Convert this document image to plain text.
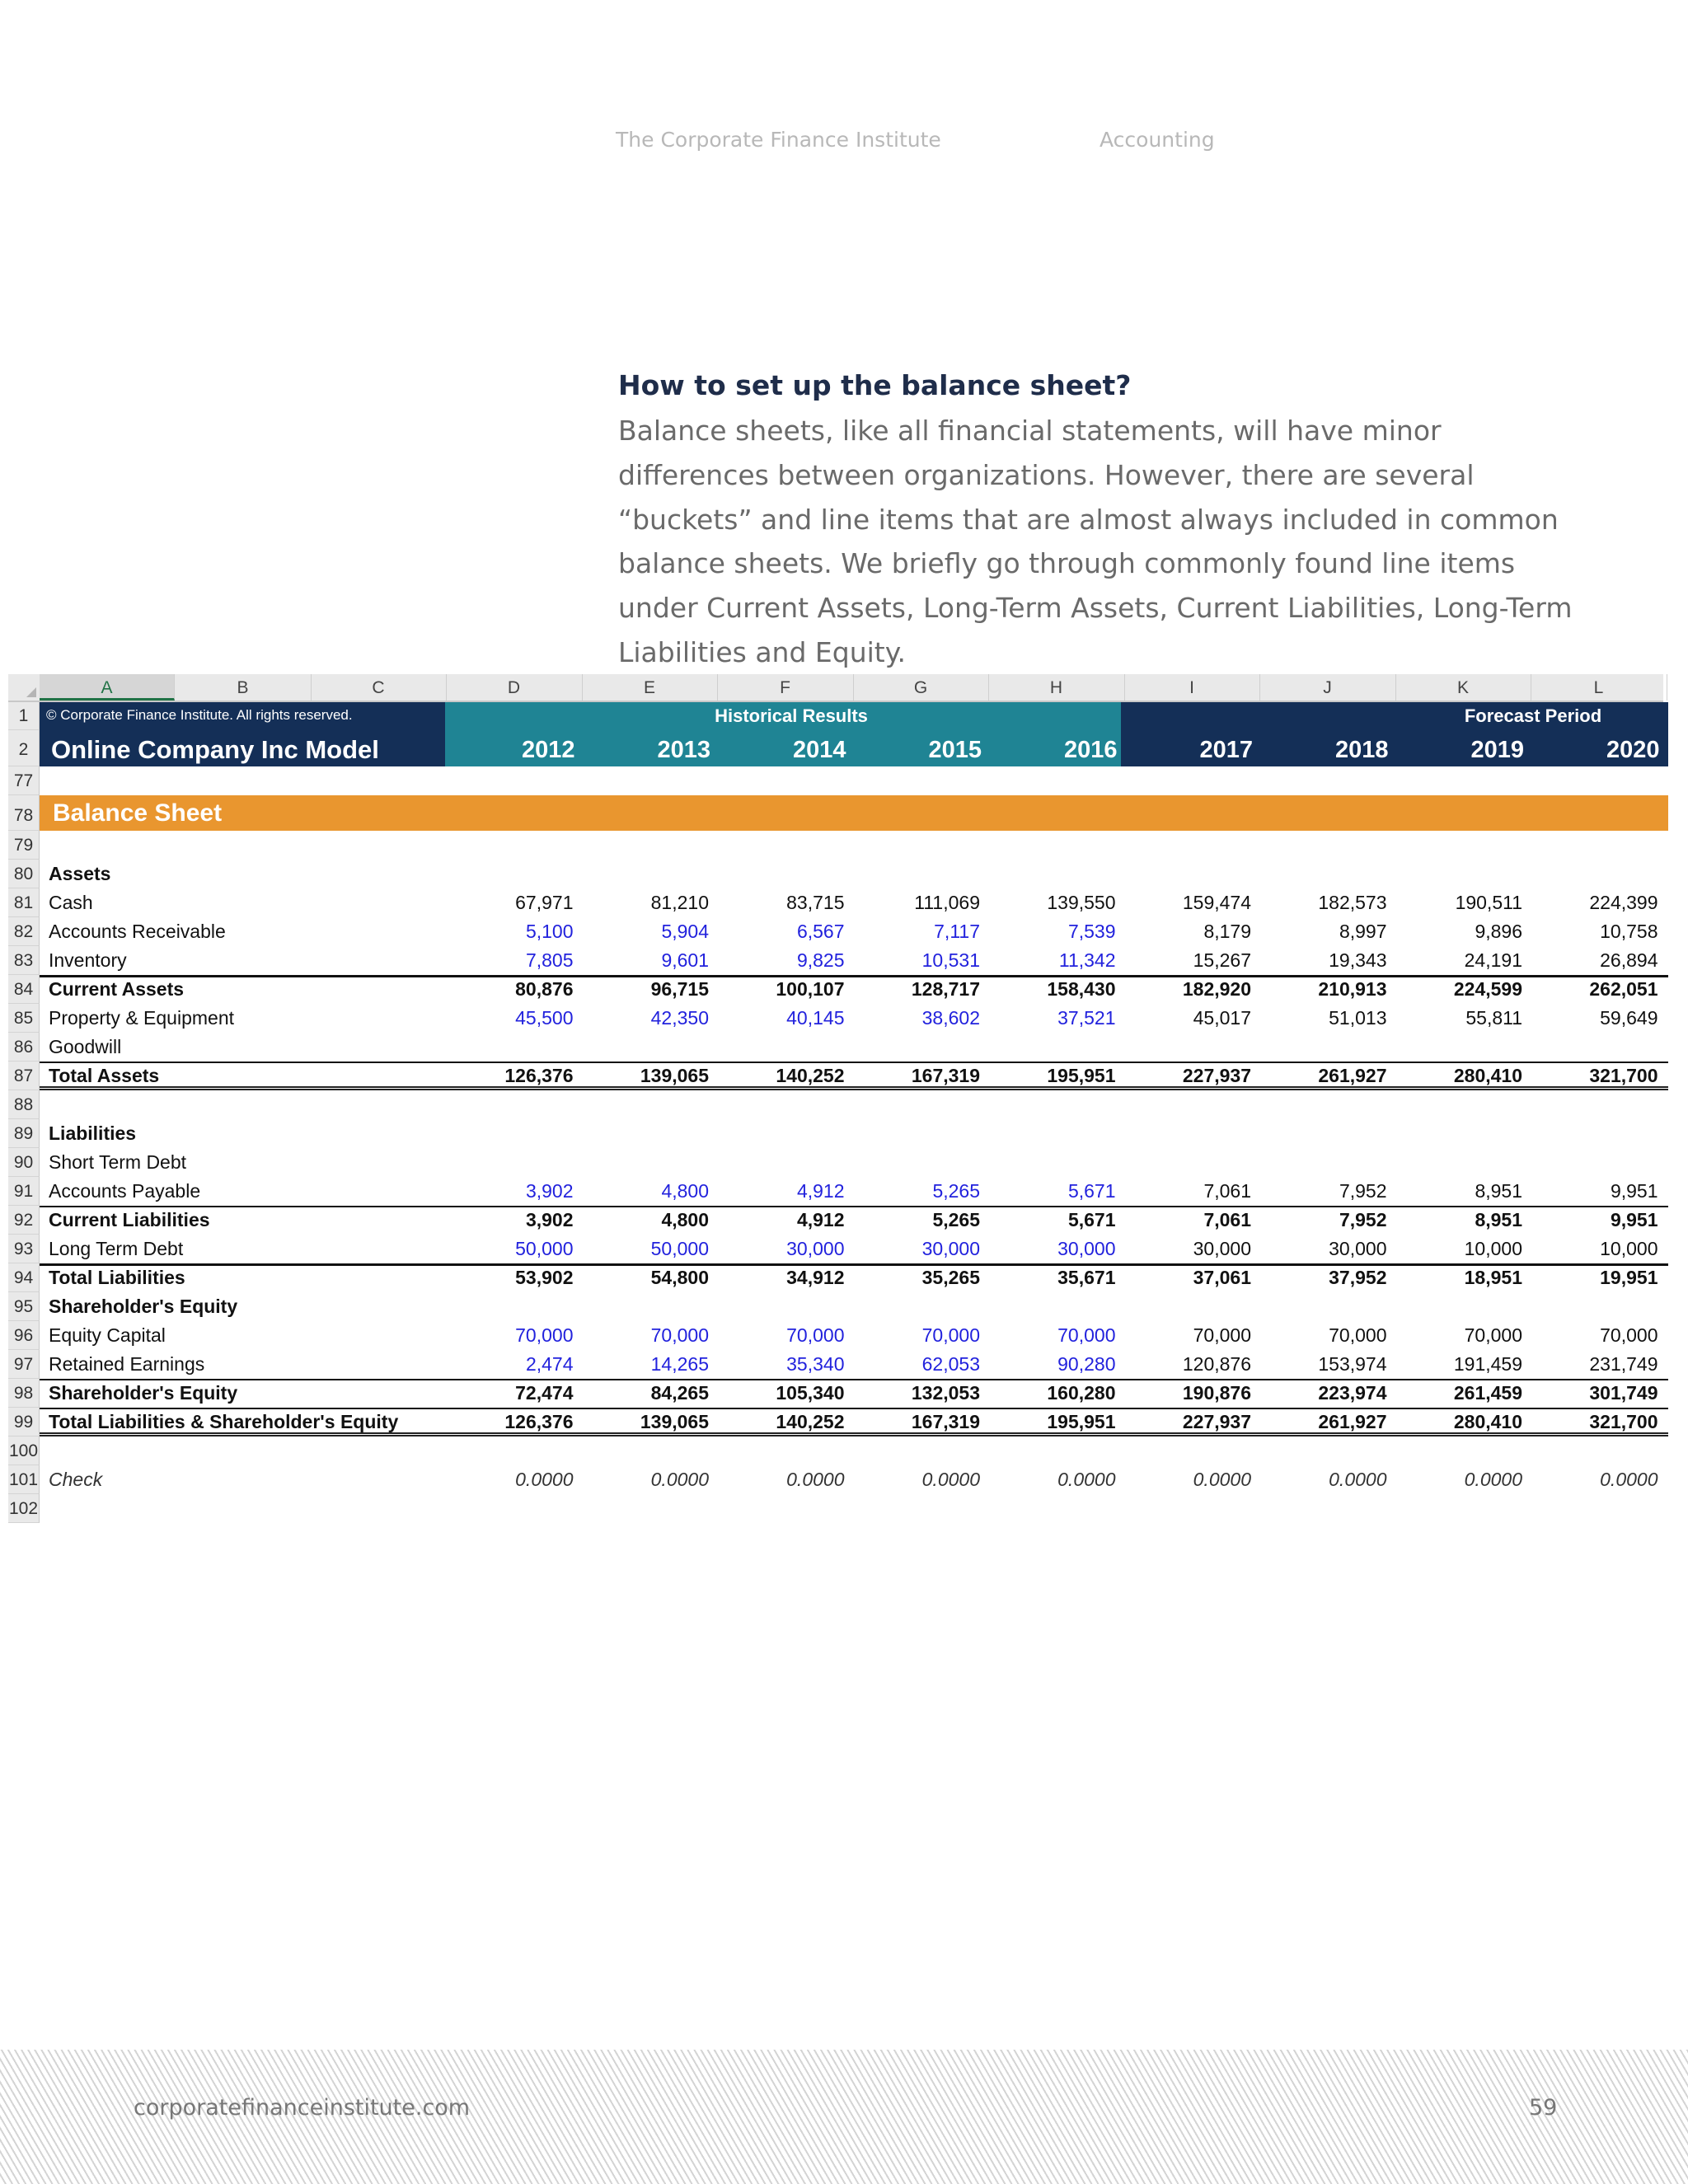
The Corporate Finance Institute	Accounting
How to set up the balance sheet?
Balance sheets, like all financial statements, will have minor differences between organizations. However, there are several “buckets” and line items that are almost always included in common balance sheets. We briefly go through commonly found line items under Current Assets, Long-Term Assets, Current Liabilities, Long-Term Liabilities and Equity.
A	B	C	D	E	F	G	H	I	J	K	L
1	© Corporate Finance Institute. All rights reserved.	Historical Results	Forecast Period
2 Online Company Inc Model	2012	2013	2014	2015	2016	2017	2018	2019	2020
77
78 Balance Sheet
79
80 Assets
81 Cash	67,971	81,210	83,715	111,069	139,550	159,474	182,573	190,511	224,399
82 Accounts Receivable	5,100	5,904	6,567	7,117	7,539	8,179	8,997	9,896	10,758
83 Inventory	7,805	9,601	9,825	10,531	11,342	15,267	19,343	24,191	26,894
84 Current Assets	80,876	96,715	100,107	128,717	158,430	182,920	210,913	224,599	262,051
85 Property & Equipment	45,500	42,350	40,145	38,602	37,521	45,017	51,013	55,811	59,649
86 Goodwill
87 Total Assets	126,376	139,065	140,252	167,319	195,951	227,937	261,927	280,410	321,700
88
89 Liabilities
90 Short Term Debt
91 Accounts Payable	3,902	4,800	4,912	5,265	5,671	7,061	7,952	8,951	9,951
92 Current Liabilities	3,902	4,800	4,912	5,265	5,671	7,061	7,952	8,951	9,951
93 Long Term Debt	50,000	50,000	30,000	30,000	30,000	30,000	30,000	10,000	10,000
94 Total Liabilities	53,902	54,800	34,912	35,265	35,671	37,061	37,952	18,951	19,951
95 Shareholder's Equity
96 Equity Capital	70,000	70,000	70,000	70,000	70,000	70,000	70,000	70,000	70,000
97 Retained Earnings	2,474	14,265	35,340	62,053	90,280	120,876	153,974	191,459	231,749
98 Shareholder's Equity	72,474	84,265	105,340	132,053	160,280	190,876	223,974	261,459	301,749
99 Total Liabilities & Shareholder's Equity	126,376	139,065	140,252	167,319	195,951	227,937	261,927	280,410	321,700
100
101 Check	0.0000	0.0000	0.0000	0.0000	0.0000	0.0000	0.0000	0.0000	0.0000
102
corporatefinanceinstitute.com	59
